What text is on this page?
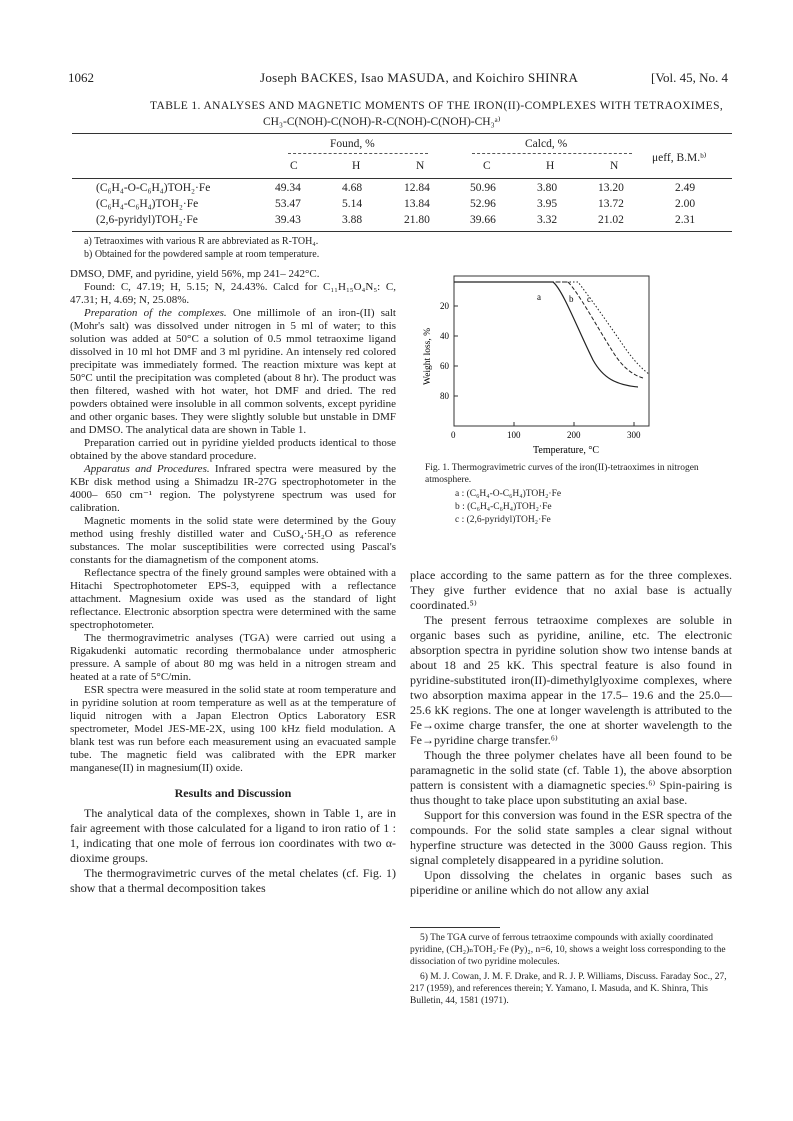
1062	Joseph BACKES, Isao MASUDA, and Koichiro SHINRA	[Vol. 45, No. 4
TABLE 1. ANALYSES AND MAGNETIC MOMENTS OF THE IRON(II)-COMPLEXES WITH TETRAOXIMES,
CH₃-C(NOH)-C(NOH)-R-C(NOH)-C(NOH)-CH₃ᵃ⁾
Found, %	Calcd, %
C	H	N	C	H	N
μeff, B.M.ᵇ⁾
(C₆H₄-O-C₆H₄)TOH₂·Fe	49.34	4.68	12.84	50.96	3.80	13.20	2.49
(C₆H₄-C₆H₄)TOH₂·Fe	53.47	5.14	13.84	52.96	3.95	13.72	2.00
(2,6-pyridyl)TOH₂·Fe	39.43	3.88	21.80	39.66	3.32	21.02	2.31
a) Tetraoximes with various R are abbreviated as R-TOH₄.
b) Obtained for the powdered sample at room temperature.

DMSO, DMF, and pyridine, yield 56%, mp 241– 242°C.

Found: C, 47.19; H, 5.15; N, 24.43%. Calcd for C₁₁H₁₅O₄N₅: C, 47.31; H, 4.69; N, 25.08%.

Preparation of the complexes. One millimole of an iron-(II) salt (Mohr's salt) was dissolved under nitrogen in 5 ml of water; to this solution was added at 50°C a solution of 0.5 mmol tetraoxime ligand dissolved in 10 ml hot DMF and 3 ml pyridine. An intensely red colored precipitate was immediately formed. The reaction mixture was kept at 50°C until the precipitation was completed (about 8 hr). The product was then filtered, washed with hot water, hot DMF and dried. The red powders obtained were insoluble in all common solvents, except pyridine and other organic bases. They were slightly soluble but unstable in DMF and DMSO. The analytical data are shown in Table 1.

Preparation carried out in pyridine yielded products identical to those obtained by the above standard procedure.

Apparatus and Procedures. Infrared spectra were measured by the KBr disk method using a Shimadzu IR-27G spectrophotometer in the 4000– 650 cm⁻¹ region. The polystyrene spectrum was used for calibration.

Magnetic moments in the solid state were determined by the Gouy method using freshly distilled water and CuSO₄·5H₂O as reference substances. The molar susceptibilities were corrected using Pascal's constants for the diamagnetism of the component atoms.

Reflectance spectra of the finely ground samples were obtained with a Hitachi Spectrophotometer EPS-3, equipped with a reflectance attachment. Magnesium oxide was used as the standard of light reflectance. Electronic absorption spectra were determined with the same spectrophotometer.

The thermogravimetric analyses (TGA) were carried out using a Rigakudenki automatic recording thermobalance under atmospheric pressure. A sample of about 80 mg was held in a nitrogen stream and heated at a rate of 5°C/min.

ESR spectra were measured in the solid state at room temperature and in pyridine solution at room temperature as well as at the temperature of liquid nitrogen with a Japan Electron Optics Laboratory ESR spectrometer, Model JES-ME-2X, using 100 kHz field modulation. A blank test was run before each measurement using an evacuated sample tube. The magnetic field was calibrated with the EPR marker manganese(II) in magnesium(II) oxide.

Results and Discussion

The analytical data of the complexes, shown in Table 1, are in fair agreement with those calculated for a ligand to iron ratio of 1 : 1, indicating that one mole of ferrous ion coordinates with two α-dioxime groups.

The thermogravimetric curves of the metal chelates (cf. Fig. 1) show that a thermal decomposition takes

20
40
60
80
0	100	200	300
Weight loss, %
Temperature, °C
a	b c
Fig. 1. Thermogravimetric curves of the iron(II)-tetraoximes in nitrogen atmosphere.
a : (C₆H₄-O-C₆H₄)TOH₂·Fe
b : (C₆H₄-C₆H₄)TOH₂·Fe
c : (2,6-pyridyl)TOH₂·Fe

place according to the same pattern as for the three complexes. They give further evidence that no axial base is actually coordinated.⁵⁾

The present ferrous tetraoxime complexes are soluble in organic bases such as pyridine, aniline, etc. The electronic absorption spectra in pyridine solution show two intense bands at about 18 and 25 kK. This spectral feature is also found in pyridine-substituted iron(II)-dimethylglyoxime complexes, where two absorption maxima appear in the 17.5– 19.6 and the 25.0—25.6 kK regions. The one at longer wavelength is attributed to the Fe→oxime charge transfer, the one at shorter wavelength to the Fe→pyridine charge transfer.⁶⁾

Though the three polymer chelates have all been found to be paramagnetic in the solid state (cf. Table 1), the above absorption pattern is consistent with a diamagnetic species.⁶⁾ Spin-pairing is thus thought to take place upon substituting an axial base.

Support for this conversion was found in the ESR spectra of the compounds. For the solid state samples a clear signal without hyperfine structure was detected in the 3000 Gauss region. This signal completely disappeared in a pyridine solution.

Upon dissolving the chelates in organic bases such as piperidine or aniline which do not allow any axial

5) The TGA curve of ferrous tetraoxime compounds with axially coordinated pyridine, (CH₂)ₙTOH₂·Fe (Py)₂, n=6, 10, shows a weight loss corresponding to the dissociation of two pyridine molecules.

6) M. J. Cowan, J. M. F. Drake, and R. J. P. Williams, Discuss. Faraday Soc., 27, 217 (1959), and references therein; Y. Yamano, I. Masuda, and K. Shinra, This Bulletin, 44, 1581 (1971).
